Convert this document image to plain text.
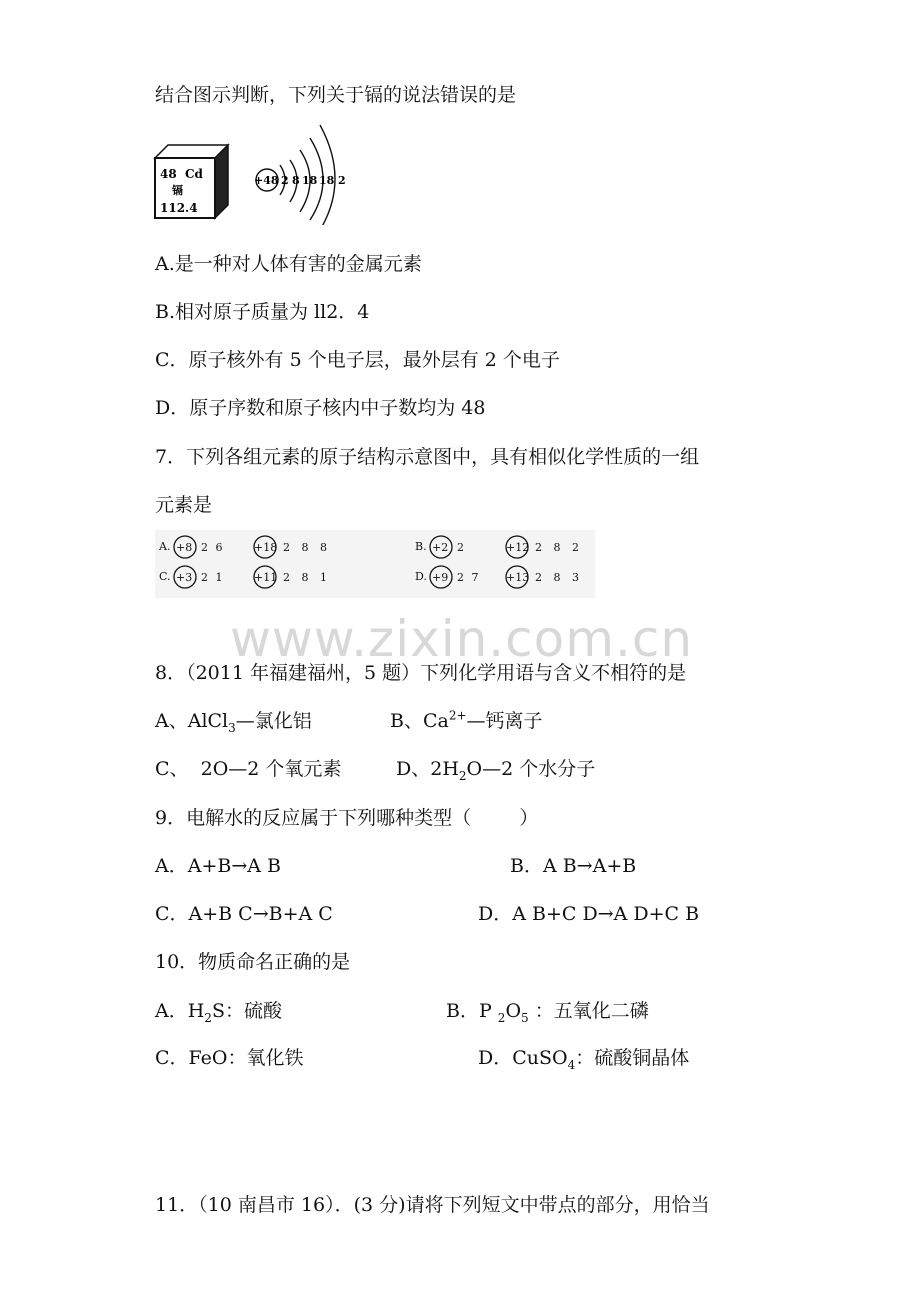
结合图示判断，下列关于镉的说法错误的是
48 Cd
镉
112.4
+48 2 8 18 18 2
A.是一种对人体有害的金属元素
B.相对原子质量为 ll2．4
C．原子核外有 5 个电子层，最外层有 2 个电子
D．原子序数和原子核内中子数均为 48
7．下列各组元素的原子结构示意图中，具有相似化学性质的一组
元素是
A. +8 2 6	+18 2 8 8	B. +2 2	+12 2 8 2
C. +3 2 1	+11 2 8 1	D. +9 2 7 +13 2 8 3
www.zixin.com.cn
8．（2011 年福建福州，5 题）下列化学用语与含义不相符的是
A、AlCl$_3$—氯化铝	B、$Ca^{2+}—$钙离子
C、  2O—2 个氧元素	D、$2H_2O—2$ 个水分子
9．电解水的反应属于下列哪种类型（        ）
A．A+B→A B	B．A B→A+B
C．A+B C→B+A C	D．A B+C D→A D+C B
10．物质命名正确的是
A．$H_2S$：硫酸	B．P $_2O_5$ ：五氧化二磷
C．FeO：氧化铁	D．CuSO$_4$：硫酸铜晶体
11．（10 南昌市 16）．(3 分)请将下列短文中带点的部分，用恰当
